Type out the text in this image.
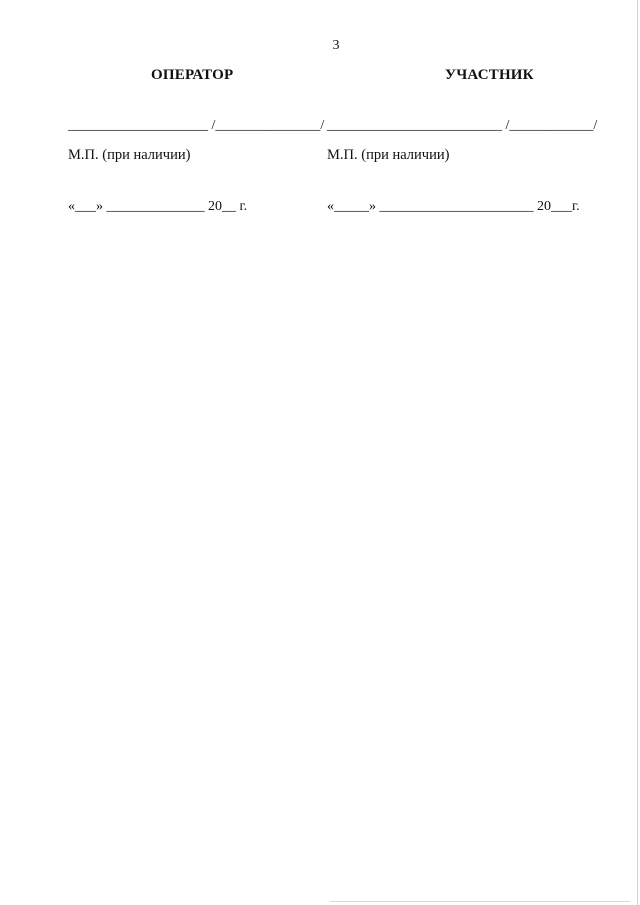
3
ОПЕРАТОР
____________________ /_______________/
М.П. (при наличии)
«___» ______________ 20__ г.
УЧАСТНИК
_________________________ /____________/
М.П. (при наличии)
«_____» ______________________ 20___г.
